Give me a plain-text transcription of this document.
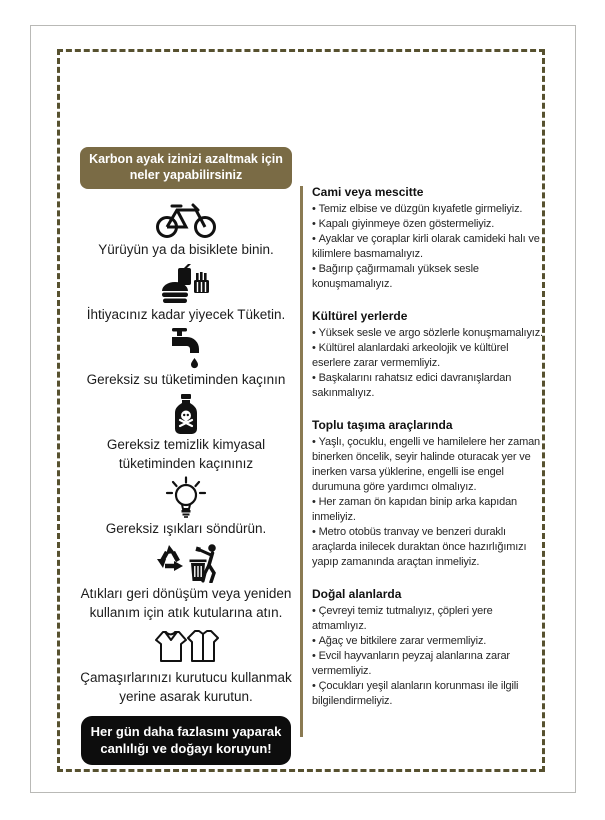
Karbon ayak izinizi azaltmak için
neler yapabilirsiniz
Yürüyün ya da bisiklete binin.
İhtiyacınız kadar yiyecek Tüketin.
Gereksiz su tüketiminden kaçının
Gereksiz temizlik kimyasal tüketiminden kaçınınız
Gereksiz ışıkları söndürün.
Atıkları geri dönüşüm veya yeniden kullanım için atık kutularına atın.
Çamaşırlarınızı kurutucu kullanmak yerine asarak kurutun.
Her gün daha fazlasını yaparak
canlılığı ve doğayı koruyun!
Cami veya mescitte

• Temiz elbise ve düzgün kıyafetle girmeliyiz.

• Kapalı giyinmeye özen göstermeliyiz.

• Ayaklar ve çoraplar kirli olarak camideki halı ve kilimlere basmamalıyız.

• Bağırıp çağırmamalı yüksek sesle konuşmamalıyız.

Kültürel yerlerde

• Yüksek sesle ve argo sözlerle konuşmamalıyız.

• Kültürel alanlardaki arkeolojik ve kültürel eserlere zarar vermemliyiz.

• Başkalarını rahatsız edici davranışlardan sakınmalıyız.

Toplu taşıma araçlarında

• Yaşlı, çocuklu, engelli ve hamilelere her zaman binerken öncelik, seyir halinde oturacak yer ve inerken varsa yüklerine, engelli ise engel durumuna göre yardımcı olmalıyız.

• Her zaman ön kapıdan binip arka kapıdan inmeliyiz.

• Metro otobüs tranvay ve benzeri duraklı araçlarda inilecek duraktan önce hazırlığımızı yapıp zamanında araçtan inmeliyiz.

Doğal alanlarda

• Çevreyi temiz tutmalıyız, çöpleri yere atmamlıyız.

• Ağaç ve bitkilere zarar vermemliyiz.

• Evcil hayvanların peyzaj alanlarına zarar vermemliyiz.

• Çocukları yeşil alanların korunması ile ilgili bilgilendirmeliyiz.
